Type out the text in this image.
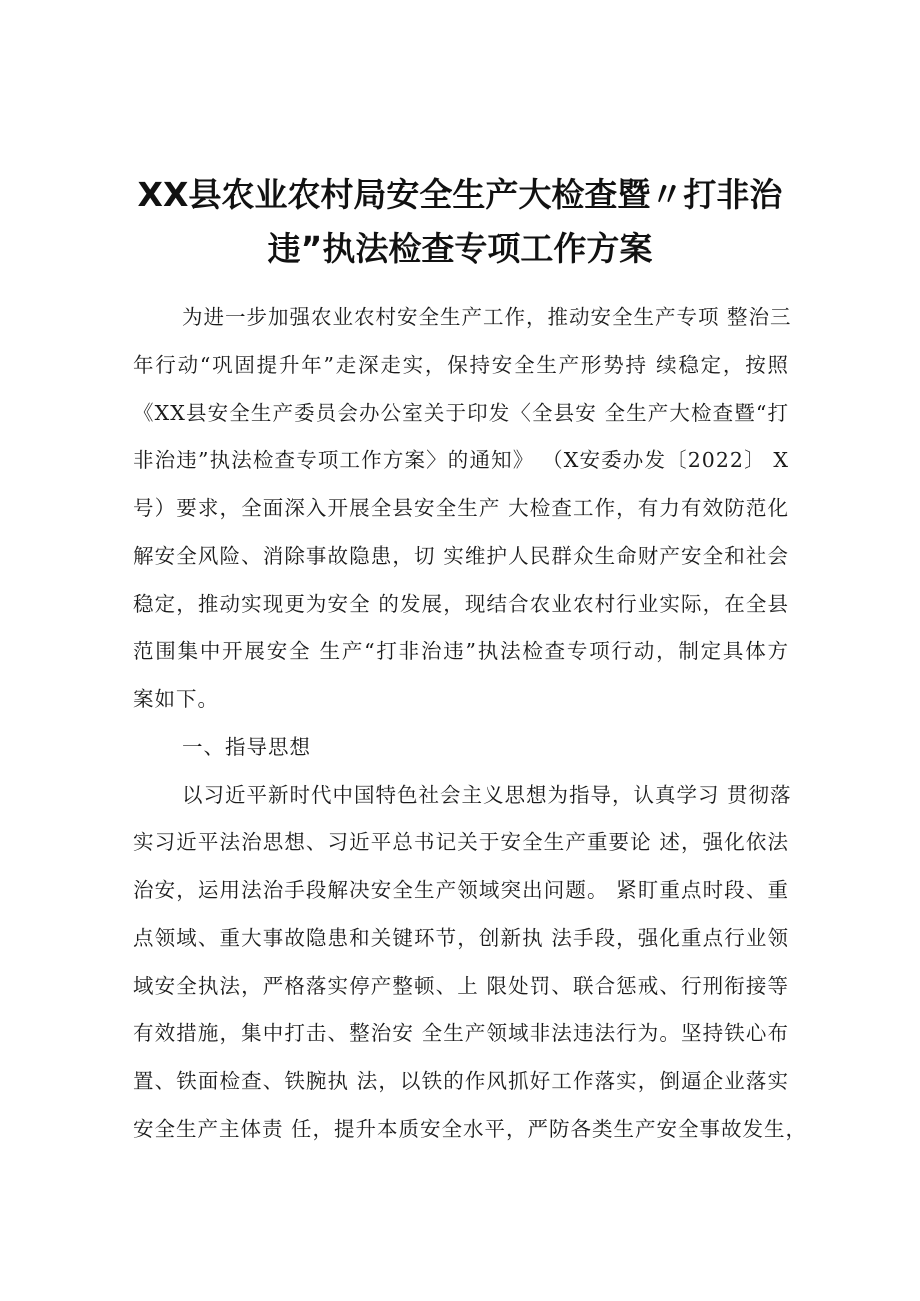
XX县农业农村局安全生产大检查暨〃打非治
违”执法检查专项工作方案
为进一步加强农业农村安全生产工作，推动安全生产专项 整治三
年行动“巩固提升年”走深走实，保持安全生产形势持 续稳定，按照
《XX县安全生产委员会办公室关于印发〈全县安 全生产大检查暨“打
非治违”执法检查专项工作方案〉的通知》 （X安委办发〔2022〕 X
号）要求，全面深入开展全县安全生产 大检查工作，有力有效防范化
解安全风险、消除事故隐患，切 实维护人民群众生命财产安全和社会
稳定，推动实现更为安全 的发展，现结合农业农村行业实际，在全县
范围集中开展安全 生产“打非治违”执法检查专项行动，制定具体方
案如下。
一、指导思想
以习近平新时代中国特色社会主义思想为指导，认真学习 贯彻落
实习近平法治思想、习近平总书记关于安全生产重要论 述，强化依法
治安，运用法治手段解决安全生产领域突出问题。 紧盯重点时段、重
点领域、重大事故隐患和关键环节，创新执 法手段，强化重点行业领
域安全执法，严格落实停产整顿、上 限处罚、联合惩戒、行刑衔接等
有效措施，集中打击、整治安 全生产领域非法违法行为。坚持铁心布
置、铁面检查、铁腕执 法，以铁的作风抓好工作落实，倒逼企业落实
安全生产主体责 任，提升本质安全水平，严防各类生产安全事故发生，
